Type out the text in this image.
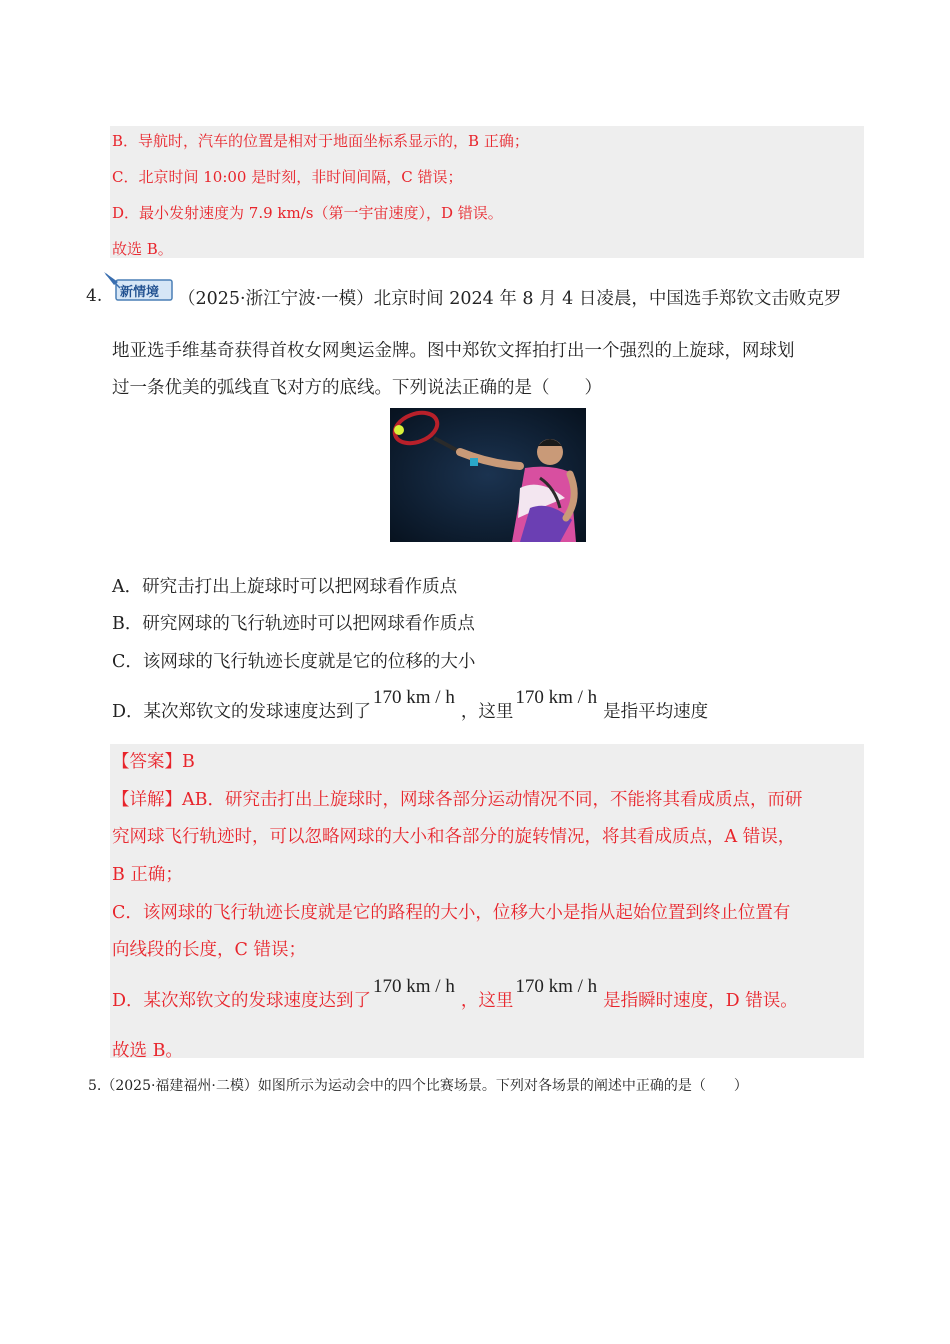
B．导航时，汽车的位置是相对于地面坐标系显示的，B 正确；
C．北京时间 10:00 是时刻，非时间间隔，C 错误；
D．最小发射速度为 7.9 km/s（第一宇宙速度），D 错误。
故选 B。
4. 新情境 （2025·浙江宁波·一模）北京时间 2024 年 8 月 4 日凌晨，中国选手郑钦文击败克罗
地亚选手维基奇获得首枚女网奥运金牌。图中郑钦文挥拍打出一个强烈的上旋球，网球划
过一条优美的弧线直飞对方的底线。下列说法正确的是（　　）
A．研究击打出上旋球时可以把网球看作质点
B．研究网球的飞行轨迹时可以把网球看作质点
C．该网球的飞行轨迹长度就是它的位移的大小
D．某次郑钦文的发球速度达到了170 km / h，这里170 km / h是指平均速度
【答案】B
【详解】AB．研究击打出上旋球时，网球各部分运动情况不同，不能将其看成质点，而研
究网球飞行轨迹时，可以忽略网球的大小和各部分的旋转情况，将其看成质点，A 错误，
B 正确；
C．该网球的飞行轨迹长度就是它的路程的大小，位移大小是指从起始位置到终止位置有
向线段的长度，C 错误；
D．某次郑钦文的发球速度达到了170 km / h，这里170 km / h是指瞬时速度，D 错误。
故选 B。
5.（2025·福建福州·二模）如图所示为运动会中的四个比赛场景。下列对各场景的阐述中正确的是（　　）
